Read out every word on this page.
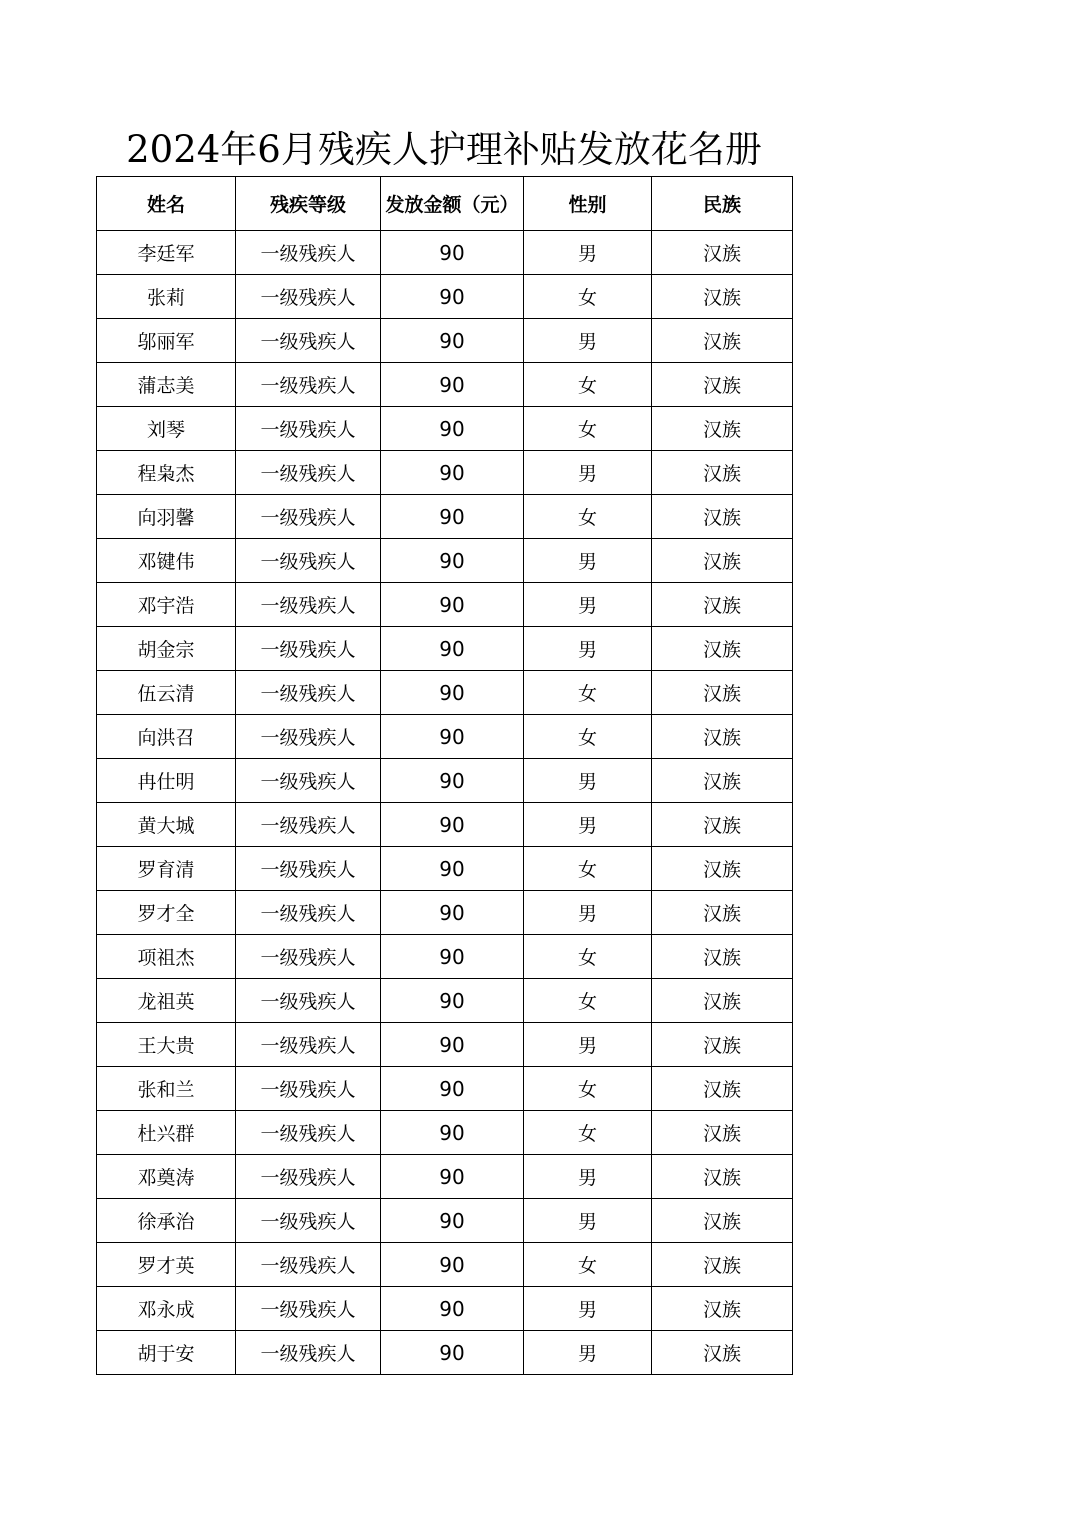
2024年6月残疾人护理补贴发放花名册
姓名	残疾等级	发放金额（元）	性别	民族
李廷军	一级残疾人	90	男	汉族
张莉	一级残疾人	90	女	汉族
邬丽军	一级残疾人	90	男	汉族
蒲志美	一级残疾人	90	女	汉族
刘琴	一级残疾人	90	女	汉族
程枭杰	一级残疾人	90	男	汉族
向羽馨	一级残疾人	90	女	汉族
邓键伟	一级残疾人	90	男	汉族
邓宇浩	一级残疾人	90	男	汉族
胡金宗	一级残疾人	90	男	汉族
伍云清	一级残疾人	90	女	汉族
向洪召	一级残疾人	90	女	汉族
冉仕明	一级残疾人	90	男	汉族
黄大城	一级残疾人	90	男	汉族
罗育清	一级残疾人	90	女	汉族
罗才全	一级残疾人	90	男	汉族
项祖杰	一级残疾人	90	女	汉族
龙祖英	一级残疾人	90	女	汉族
王大贵	一级残疾人	90	男	汉族
张和兰	一级残疾人	90	女	汉族
杜兴群	一级残疾人	90	女	汉族
邓奠涛	一级残疾人	90	男	汉族
徐承治	一级残疾人	90	男	汉族
罗才英	一级残疾人	90	女	汉族
邓永成	一级残疾人	90	男	汉族
胡于安	一级残疾人	90	男	汉族
